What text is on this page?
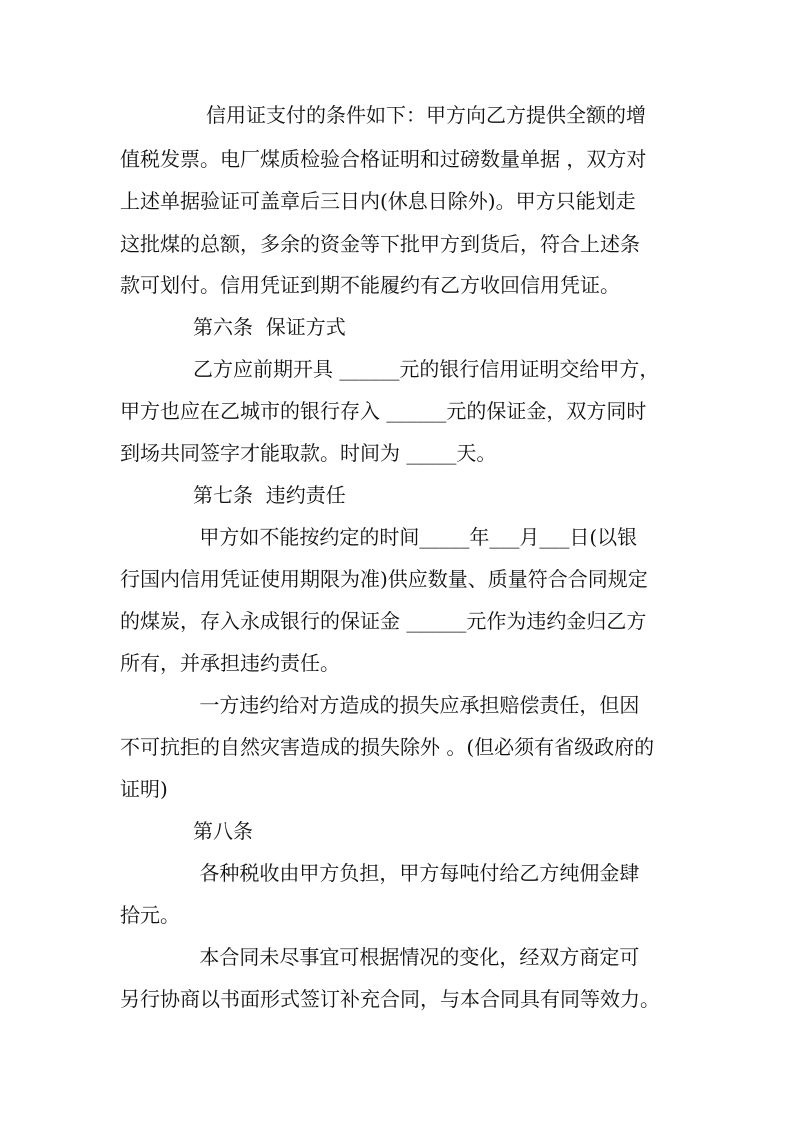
信用证支付的条件如下：甲方向乙方提供全额的增
值税发票。电厂煤质检验合格证明和过磅数量单据 ，双方对
上述单据验证可盖章后三日内(休息日除外)。甲方只能划走
这批煤的总额，多余的资金等下批甲方到货后，符合上述条
款可划付。信用凭证到期不能履约有乙方收回信用凭证。
第六条  保证方式
乙方应前期开具 ______元的银行信用证明交给甲方，
甲方也应在乙城市的银行存入 ______元的保证金，双方同时
到场共同签字才能取款。时间为 _____天。
第七条  违约责任
甲方如不能按约定的时间_____年___月___日(以银
行国内信用凭证使用期限为准)供应数量、质量符合合同规定
的煤炭，存入永成银行的保证金 ______元作为违约金归乙方
所有，并承担违约责任。
一方违约给对方造成的损失应承担赔偿责任，但因
不可抗拒的自然灾害造成的损失除外 。(但必须有省级政府的
证明)
第八条
各种税收由甲方负担，甲方每吨付给乙方纯佣金肆
拾元。
本合同未尽事宜可根据情况的变化，经双方商定可
另行协商以书面形式签订补充合同，与本合同具有同等效力。
